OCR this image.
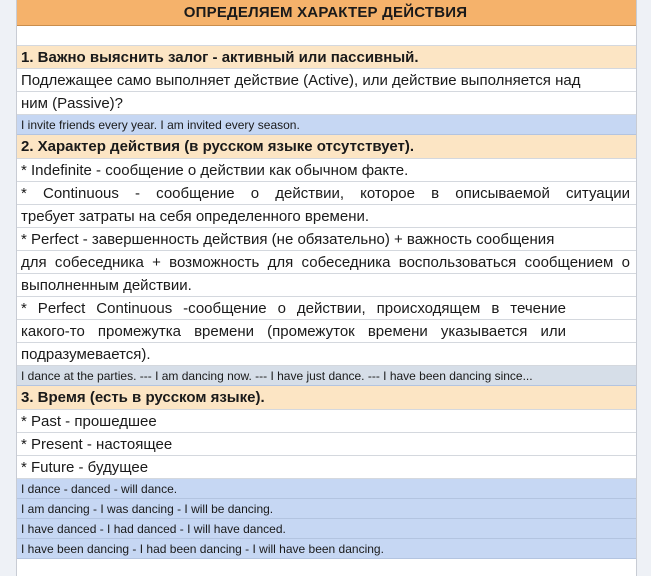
ОПРЕДЕЛЯЕМ ХАРАКТЕР ДЕЙСТВИЯ
1. Важно выяснить залог - активный или пассивный.
Подлежащее само выполняет действие (Active), или действие выполняется над
ним (Passive)?
I invite friends every year. I am invited every season.
2. Характер действия (в русском языке отсутствует).
* Indefinite - сообщение о действии как обычном факте.
* Continuous - сообщение о действии, которое в описываемой ситуации
требует затраты на себя определенного времени.
* Perfect - завершенность действия (не обязательно) + важность сообщения
для собеседника + возможность для собеседника воспользоваться сообщением о
выполненным действии.
* Perfect Continuous -сообщение о действии, происходящем в течение
какого-то промежутка времени (промежуток времени указывается или
подразумевается).
I dance at the parties. --- I am dancing now. --- I have just dance. --- I have been dancing since...
3. Время (есть в русском языке).
* Past - прошедшее
* Present - настоящее
* Future - будущее
I dance - danced - will dance.
I am dancing - I was dancing - I will be dancing.
I have danced - I had danced - I will have danced.
I have been dancing - I had been dancing - I will have been dancing.
